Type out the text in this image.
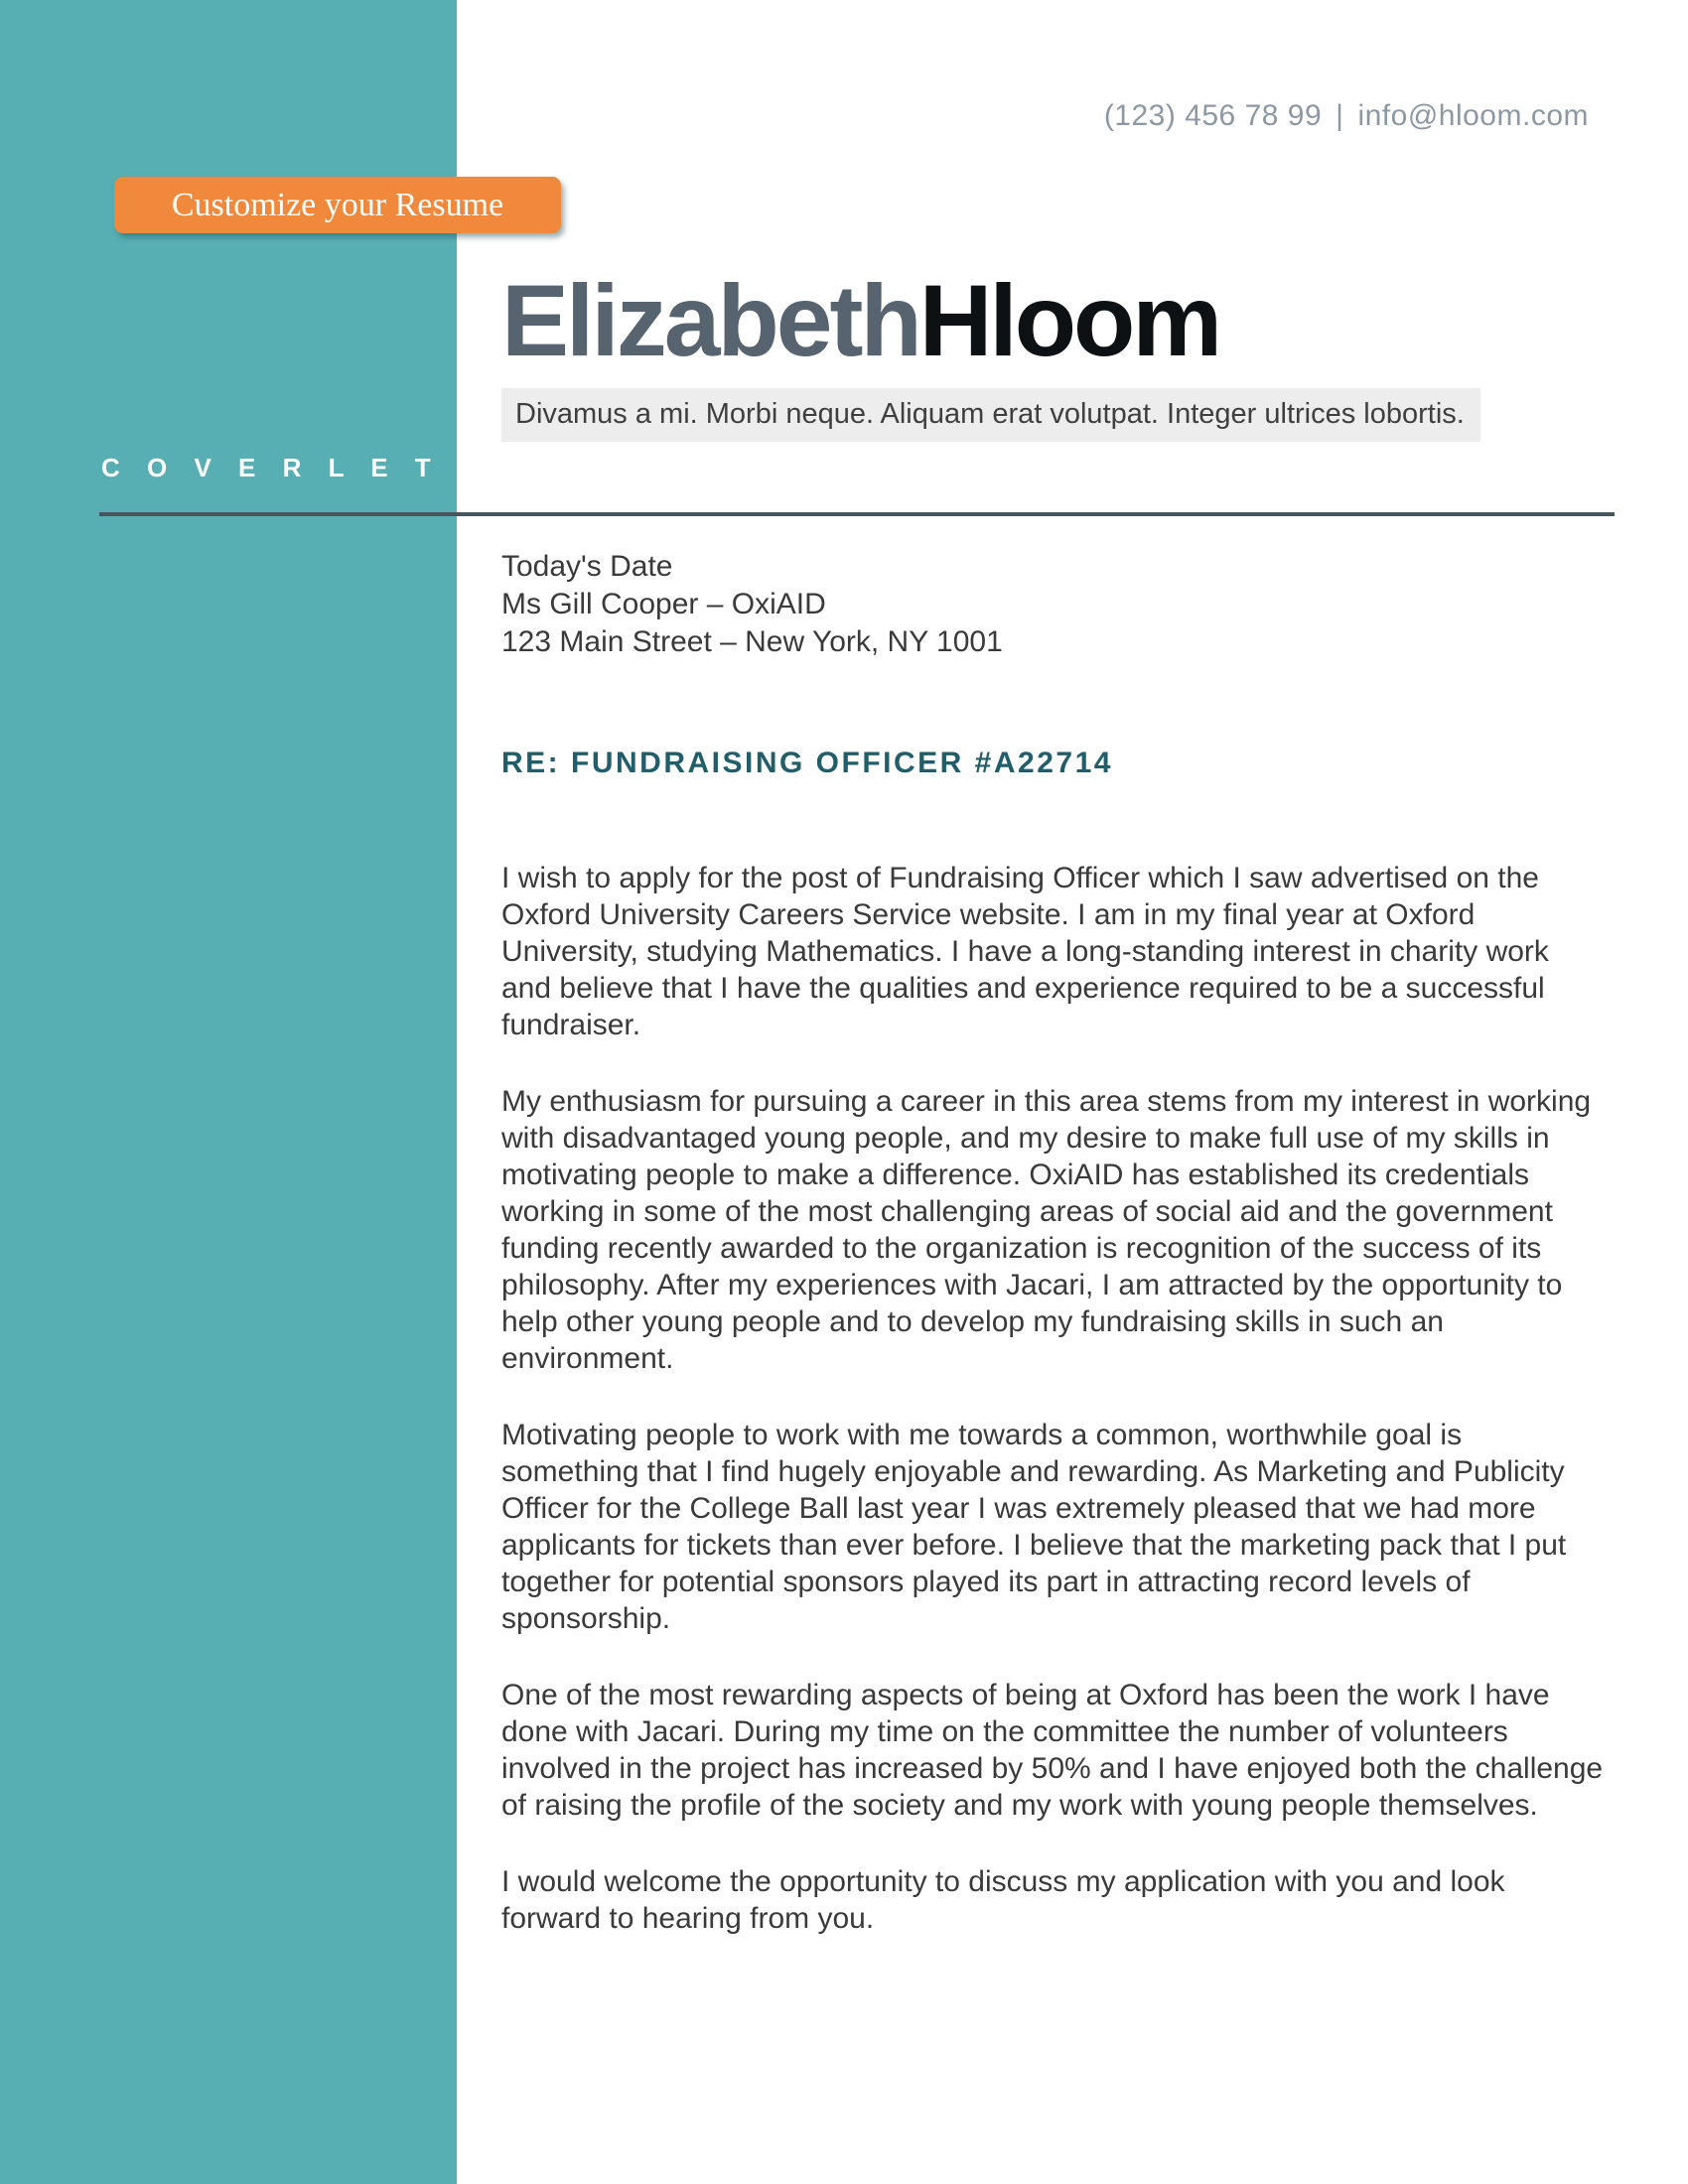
C O V E R L E T T E R
(123) 456 78 99 | info@hloom.com
Customize your Resume
ElizabethHloom
Divamus a mi. Morbi neque. Aliquam erat volutpat. Integer ultrices lobortis.
Today's Date
Ms Gill Cooper – OxiAID
123 Main Street – New York, NY 1001
RE: FUNDRAISING OFFICER #A22714

I wish to apply for the post of Fundraising Officer which I saw advertised on the Oxford University Careers Service website. I am in my final year at Oxford University, studying Mathematics. I have a long-standing interest in charity work and believe that I have the qualities and experience required to be a successful fundraiser.

My enthusiasm for pursuing a career in this area stems from my interest in working with disadvantaged young people, and my desire to make full use of my skills in motivating people to make a difference. OxiAID has established its credentials working in some of the most challenging areas of social aid and the government funding recently awarded to the organization is recognition of the success of its philosophy. After my experiences with Jacari, I am attracted by the opportunity to help other young people and to develop my fundraising skills in such an environment.

Motivating people to work with me towards a common, worthwhile goal is something that I find hugely enjoyable and rewarding. As Marketing and Publicity Officer for the College Ball last year I was extremely pleased that we had more applicants for tickets than ever before. I believe that the marketing pack that I put together for potential sponsors played its part in attracting record levels of sponsorship.

One of the most rewarding aspects of being at Oxford has been the work I have done with Jacari. During my time on the committee the number of volunteers involved in the project has increased by 50% and I have enjoyed both the challenge of raising the profile of the society and my work with young people themselves.

I would welcome the opportunity to discuss my application with you and look forward to hearing from you.
